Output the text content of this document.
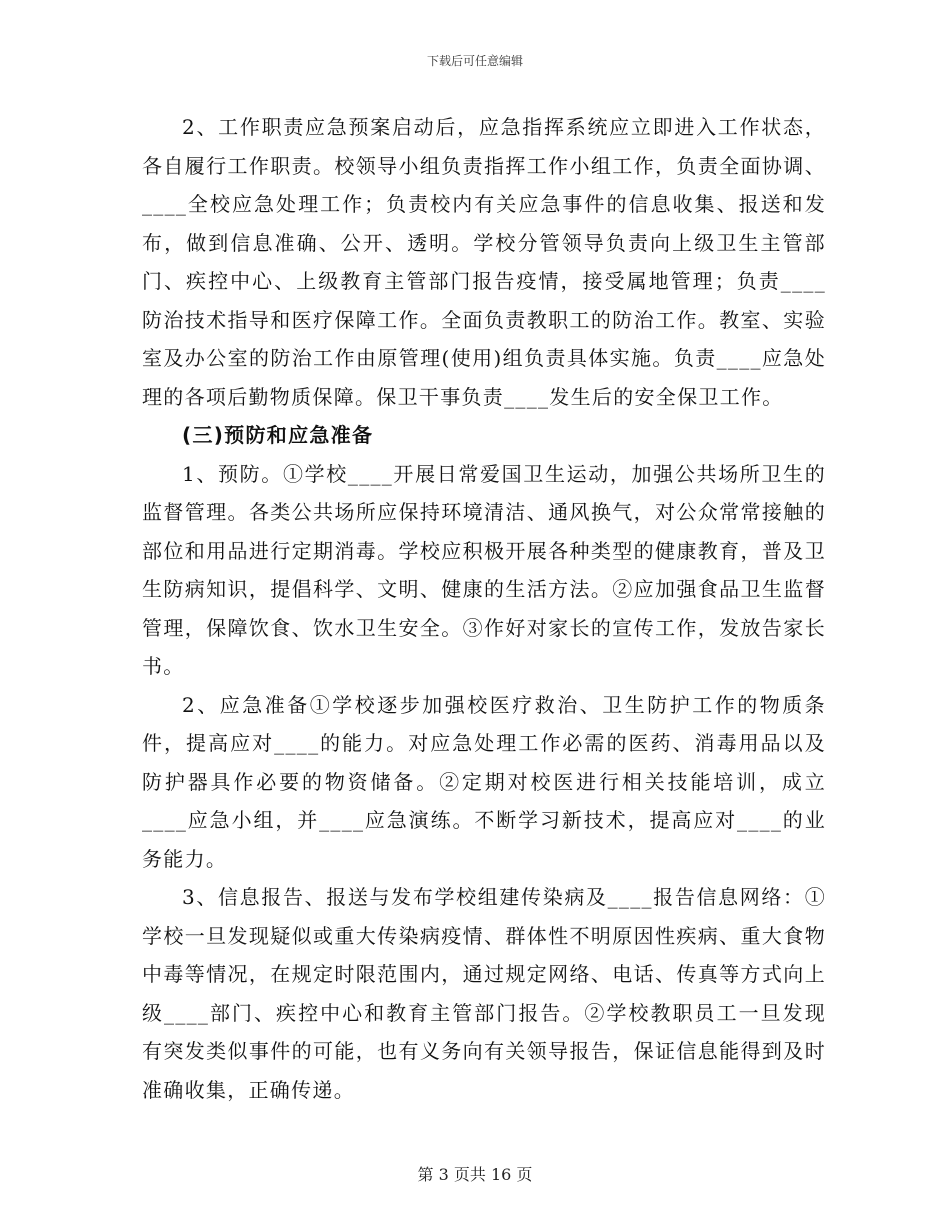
下载后可任意编辑

2、工作职责应急预案启动后，应急指挥系统应立即进入工作状态，各自履行工作职责。校领导小组负责指挥工作小组工作，负责全面协调、____全校应急处理工作；负责校内有关应急事件的信息收集、报送和发布，做到信息准确、公开、透明。学校分管领导负责向上级卫生主管部门、疾控中心、上级教育主管部门报告疫情，接受属地管理；负责____防治技术指导和医疗保障工作。全面负责教职工的防治工作。教室、实验室及办公室的防治工作由原管理(使用)组负责具体实施。负责____应急处理的各项后勤物质保障。保卫干事负责____发生后的安全保卫工作。

(三)预防和应急准备

1、预防。①学校____开展日常爱国卫生运动，加强公共场所卫生的监督管理。各类公共场所应保持环境清洁、通风换气，对公众常常接触的部位和用品进行定期消毒。学校应积极开展各种类型的健康教育，普及卫生防病知识，提倡科学、文明、健康的生活方法。②应加强食品卫生监督管理，保障饮食、饮水卫生安全。③作好对家长的宣传工作，发放告家长书。

2、应急准备①学校逐步加强校医疗救治、卫生防护工作的物质条件，提高应对____的能力。对应急处理工作必需的医药、消毒用品以及防护器具作必要的物资储备。②定期对校医进行相关技能培训，成立____应急小组，并____应急演练。不断学习新技术，提高应对____的业务能力。

3、信息报告、报送与发布学校组建传染病及____报告信息网络：①学校一旦发现疑似或重大传染病疫情、群体性不明原因性疾病、重大食物中毒等情况，在规定时限范围内，通过规定网络、电话、传真等方式向上级____部门、疾控中心和教育主管部门报告。②学校教职员工一旦发现有突发类似事件的可能，也有义务向有关领导报告，保证信息能得到及时准确收集，正确传递。

第 3 页共 16 页
